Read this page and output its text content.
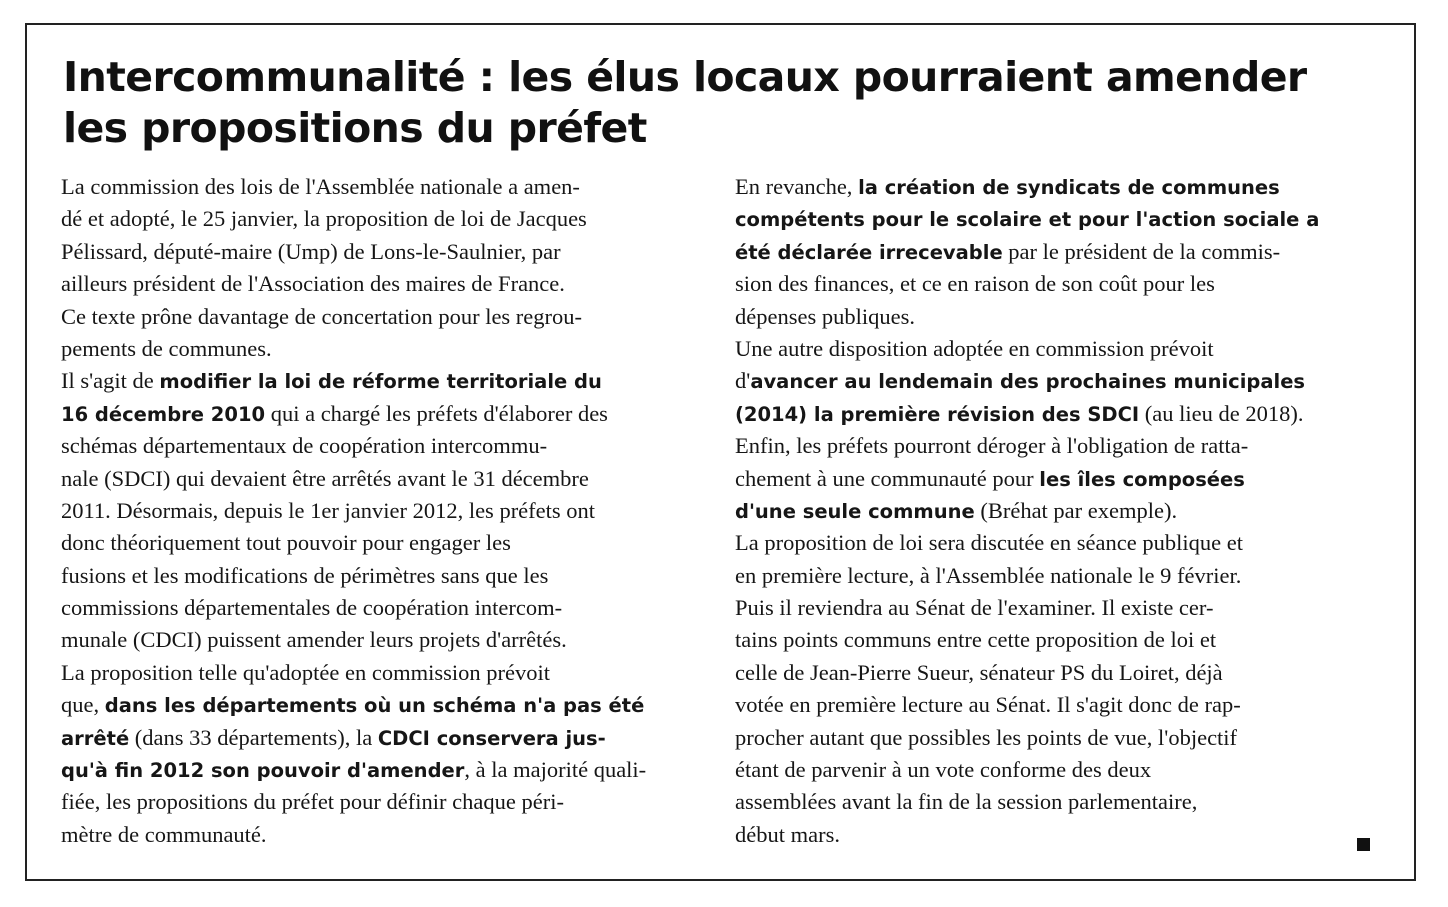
Intercommunalité : les élus locaux pourraient amender
les propositions du préfet
La commission des lois de l'Assemblée nationale a amen-
dé et adopté, le 25 janvier, la proposition de loi de Jacques
Pélissard, député-maire (Ump) de Lons-le-Saulnier, par
ailleurs président de l'Association des maires de France.
Ce texte prône davantage de concertation pour les regrou-
pements de communes.
Il s'agit de modifier la loi de réforme territoriale du
16 décembre 2010 qui a chargé les préfets d'élaborer des
schémas départementaux de coopération intercommu-
nale (SDCI) qui devaient être arrêtés avant le 31 décembre
2011. Désormais, depuis le 1er janvier 2012, les préfets ont
donc théoriquement tout pouvoir pour engager les
fusions et les modifications de périmètres sans que les
commissions départementales de coopération intercom-
munale (CDCI) puissent amender leurs projets d'arrêtés.
La proposition telle qu'adoptée en commission prévoit
que, dans les départements où un schéma n'a pas été
arrêté (dans 33 départements), la CDCI conservera jus-
qu'à fin 2012 son pouvoir d'amender, à la majorité quali-
fiée, les propositions du préfet pour définir chaque péri-
mètre de communauté.
En revanche, la création de syndicats de communes
compétents pour le scolaire et pour l'action sociale a
été déclarée irrecevable par le président de la commis-
sion des finances, et ce en raison de son coût pour les
dépenses publiques.
Une autre disposition adoptée en commission prévoit
d'avancer au lendemain des prochaines municipales
(2014) la première révision des SDCI (au lieu de 2018).
Enfin, les préfets pourront déroger à l'obligation de ratta-
chement à une communauté pour les îles composées
d'une seule commune (Bréhat par exemple).
La proposition de loi sera discutée en séance publique et
en première lecture, à l'Assemblée nationale le 9 février.
Puis il reviendra au Sénat de l'examiner. Il existe cer-
tains points communs entre cette proposition de loi et
celle de Jean-Pierre Sueur, sénateur PS du Loiret, déjà
votée en première lecture au Sénat. Il s'agit donc de rap-
procher autant que possibles les points de vue, l'objectif
étant de parvenir à un vote conforme des deux
assemblées avant la fin de la session parlementaire,
début mars.
